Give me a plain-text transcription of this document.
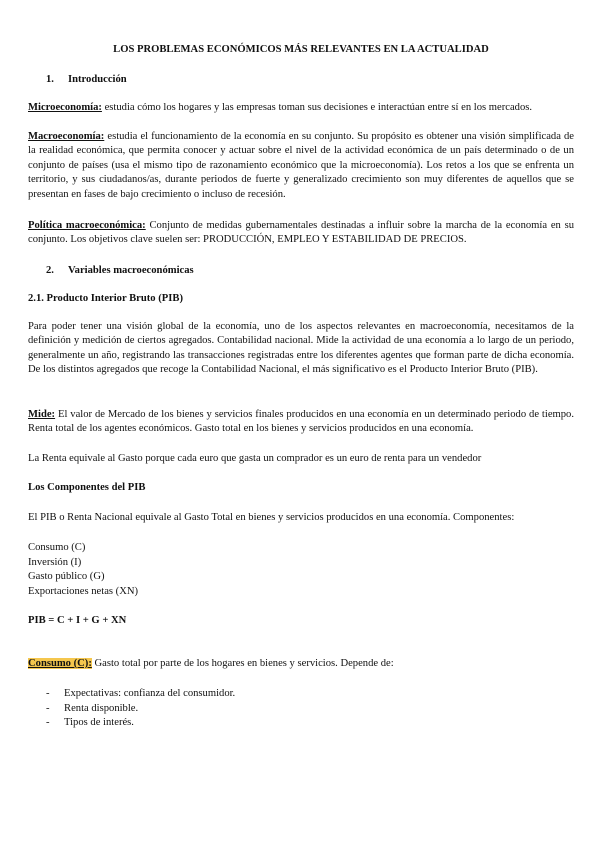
LOS PROBLEMAS ECONÓMICOS MÁS RELEVANTES EN LA ACTUALIDAD
1. Introducción
Microeconomía: estudia cómo los hogares y las empresas toman sus decisiones e interactúan entre sí en los mercados.
Macroeconomía: estudia el funcionamiento de la economía en su conjunto. Su propósito es obtener una visión simplificada de la realidad económica, que permita conocer y actuar sobre el nivel de la actividad económica de un país determinado o de un conjunto de países (usa el mismo tipo de razonamiento económico que la microeconomía). Los retos a los que se enfrenta un territorio, y sus ciudadanos/as, durante periodos de fuerte y generalizado crecimiento son muy diferentes de aquellos que se presentan en fases de bajo crecimiento o incluso de recesión.
Política macroeconómica: Conjunto de medidas gubernamentales destinadas a influir sobre la marcha de la economía en su conjunto. Los objetivos clave suelen ser: PRODUCCIÓN, EMPLEO Y ESTABILIDAD DE PRECIOS.
2. Variables macroeconómicas
2.1. Producto Interior Bruto (PIB)
Para poder tener una visión global de la economía, uno de los aspectos relevantes en macroeconomía, necesitamos de la definición y medición de ciertos agregados. Contabilidad nacional. Mide la actividad de una economía a lo largo de un periodo, generalmente un año, registrando las transacciones registradas entre los diferentes agentes que forman parte de dicha economía. De los distintos agregados que recoge la Contabilidad Nacional, el más significativo es el Producto Interior Bruto (PIB).
Mide: El valor de Mercado de los bienes y servicios finales producidos en una economía en un determinado periodo de tiempo. Renta total de los agentes económicos. Gasto total en los bienes y servicios producidos en una economía.
La Renta equivale al Gasto porque cada euro que gasta un comprador es un euro de renta para un vendedor
Los Componentes del PIB
El PIB o Renta Nacional equivale al Gasto Total en bienes y servicios producidos en una economía. Componentes:
Consumo (C)
Inversión (I)
Gasto público (G)
Exportaciones netas (XN)
PIB = C + I + G + XN
Consumo (C): Gasto total por parte de los hogares en bienes y servicios. Depende de:
- Expectativas: confianza del consumidor.
- Renta disponible.
- Tipos de interés.
